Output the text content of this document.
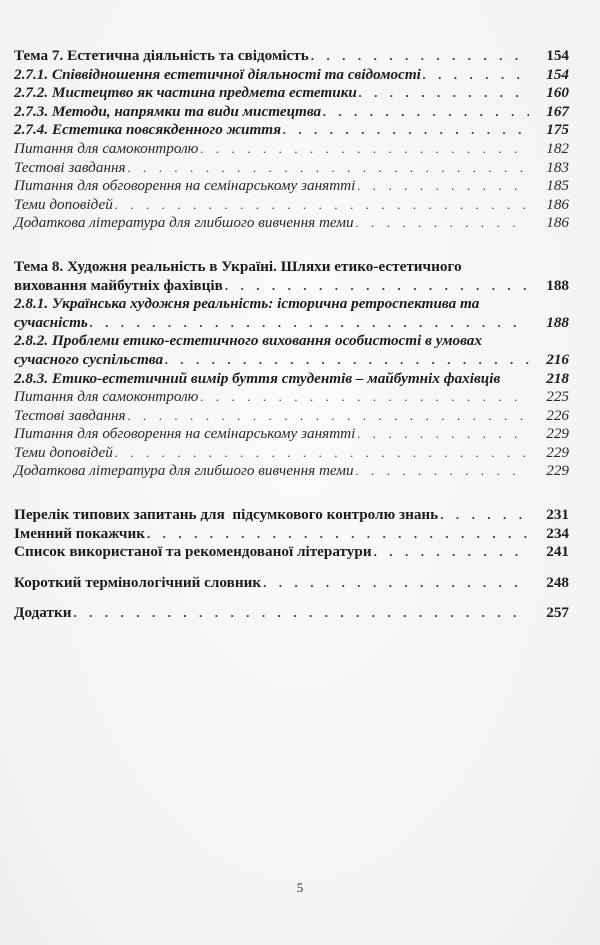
Тема 7. Естетична діяльність та свідомість . . .	154
2.7.1. Співвідношення естетичної діяльності та свідомості . . .	154
2.7.2. Мистецтво як частина предмета естетики . . .	160
2.7.3. Методи, напрямки та види мистецтва . . .	167
2.7.4. Естетика повсякденного життя . . .	175
Питання для самоконтролю . . .	182
Тестові завдання . . .	183
Питання для обговорення на семінарському занятті . . .	185
Теми доповідей . . .	186
Додаткова література для глибшого вивчення теми . . .	186
Тема 8. Художня реальність в Україні. Шляхи етико-естетичного
виховання майбутніх фахівців . . .	188
2.8.1. Українська художня реальність: історична ретроспектива та
сучасність . . .	188
2.8.2. Проблеми етико-естетичного виховання особистості в умовах
сучасного суспільства . . .	216
2.8.3. Етико-естетичний вимір буття студентів – майбутніх фахівців	218
Питання для самоконтролю . . .	225
Тестові завдання . . .	226
Питання для обговорення на семінарському занятті . . .	229
Теми доповідей . . .	229
Додаткова література для глибшого вивчення теми . . .	229
Перелік типових запитань для  підсумкового контролю знань . . .	231
Іменний покажчик . . .	234
Список використаної та рекомендованої літератури . . .	241
Короткий термінологічний словник . . .	248
Додатки . . .	257
5
